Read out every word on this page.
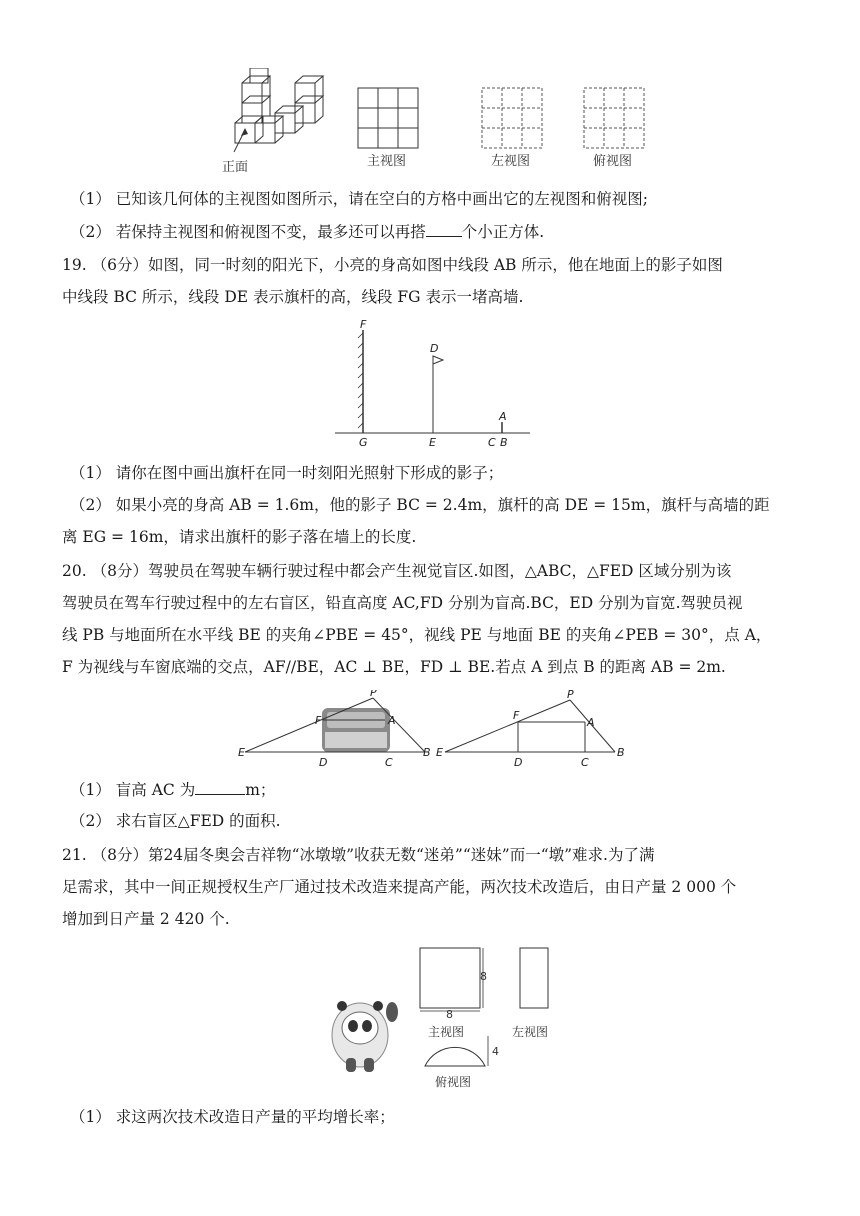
正面	主视图	左视图	俯视图
（1） 已知该几何体的主视图如图所示，请在空白的方格中画出它的左视图和俯视图;
（2） 若保持主视图和俯视图不变，最多还可以再搭 个小正方体.
19. （6分）如图，同一时刻的阳光下，小亮的身高如图中线段 AB 所示，他在地面上的影子如图
中线段 BC 所示，线段 DE 表示旗杆的高，线段 FG 表示一堵高墙.
F
D
A
G	E	C B
（1） 请你在图中画出旗杆在同一时刻阳光照射下形成的影子；
（2） 如果小亮的身高 AB = 1.6m，他的影子 BC = 2.4m，旗杆的高 DE = 15m，旗杆与高墙的距
离 EG = 16m，请求出旗杆的影子落在墙上的长度.
20. （8分）驾驶员在驾驶车辆行驶过程中都会产生视觉盲区.如图，△ABC，△FED 区域分别为该
驾驶员在驾车行驶过程中的左右盲区，铅直高度 AC,FD 分别为盲高.BC，ED 分别为盲宽.驾驶员视
线 PB 与地面所在水平线 BE 的夹角∠PBE = 45°，视线 PE 与地面 BE 的夹角∠PEB = 30°，点 A，
F 为视线与车窗底端的交点，AF//BE，AC ⊥ BE，FD ⊥ BE.若点 A 到点 B 的距离 AB = 2m.
P
F	A
E
D	C
B
P
F
A
E
D	C
B
（1） 盲高 AC 为	m；
（2） 求右盲区△FED 的面积.
21. （8分）第24届冬奥会吉祥物“冰墩墩”收获无数“迷弟”“迷妹”而一“墩”难求.为了满
足需求，其中一间正规授权生产厂通过技术改造来提高产能，两次技术改造后，由日产量 2 000 个
增加到日产量 2 420 个.
8
8
主视图	左视图
4
俯视图
（1） 求这两次技术改造日产量的平均增长率；
